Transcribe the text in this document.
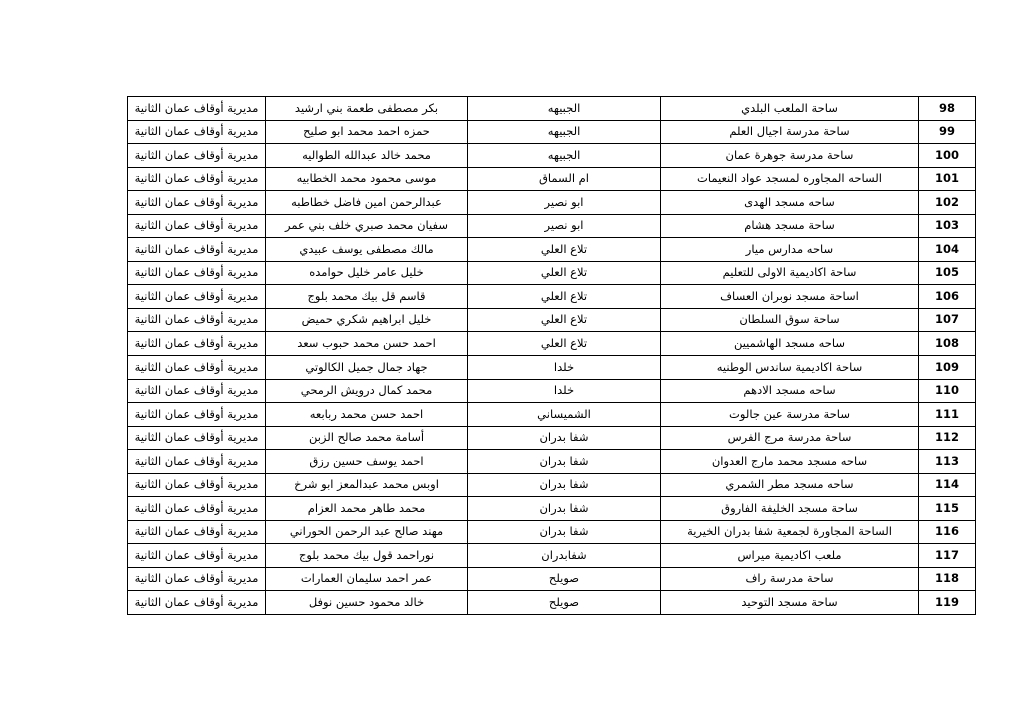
98	ساحة الملعب البلدي	الجبيهه	بكر مصطفى طعمة بني ارشيد	مديرية أوقاف عمان الثانية
99	ساحة مدرسة اجيال العلم	الجبيهه	حمزه احمد محمد ابو صليح	مديرية أوقاف عمان الثانية
100	ساحة مدرسة جوهرة عمان	الجبيهه	محمد خالد عبدالله الطواليه	مديرية أوقاف عمان الثانية
101	الساحه المجاوره لمسجد عواد النعيمات	ام السماق	موسى محمود محمد الخطابيه	مديرية أوقاف عمان الثانية
102	ساحه مسجد الهدى	ابو نصير	عبدالرحمن امين فاضل خطاطبه	مديرية أوقاف عمان الثانية
103	ساحة مسجد هشام	ابو نصير	سفيان محمد صبري خلف بني عمر	مديرية أوقاف عمان الثانية
104	ساحه مدارس ميار	تلاع العلي	مالك مصطفى يوسف عبيدي	مديرية أوقاف عمان الثانية
105	ساحة اكاديمية الاولى للتعليم	تلاع العلي	خليل عامر خليل حوامده	مديرية أوقاف عمان الثانية
106	اساحة مسجد نوبران العساف	تلاع العلي	قاسم قل بيك محمد بلوج	مديرية أوقاف عمان الثانية
107	ساحة سوق السلطان	تلاع العلي	خليل ابراهيم شكري حميض	مديرية أوقاف عمان الثانية
108	ساحه مسجد الهاشميين	تلاع العلي	احمد حسن محمد حبوب سعد	مديرية أوقاف عمان الثانية
109	ساحة اكاديمية ساندس الوطنيه	خلدا	جهاد جمال جميل الكالوتي	مديرية أوقاف عمان الثانية
110	ساحه مسجد الادهم	خلدا	محمد كمال درويش الرمحي	مديرية أوقاف عمان الثانية
111	ساحة مدرسة عين جالوت	الشميساني	احمد حسن محمد ربابعه	مديرية أوقاف عمان الثانية
112	ساحة مدرسة مرج الفرس	شفا بدران	أسامة محمد صالح الزبن	مديرية أوقاف عمان الثانية
113	ساحه مسجد محمد مارج العدوان	شفا بدران	احمد يوسف حسين رزق	مديرية أوقاف عمان الثانية
114	ساحه مسجد مطر الشمري	شفا بدران	اوبس محمد عبدالمعز ابو شرخ	مديرية أوقاف عمان الثانية
115	ساحة مسجد الخليفة الفاروق	شفا بدران	محمد طاهر محمد العزام	مديرية أوقاف عمان الثانية
116	الساحة المجاورة لجمعية شفا بدران الخيرية	شفا بدران	مهند صالح عبد الرحمن الحوراني	مديرية أوقاف عمان الثانية
117	ملعب اكاديمية ميراس	شفابدران	نوراحمد قول بيك محمد بلوج	مديرية أوقاف عمان الثانية
118	ساحة مدرسة راف	صويلح	عمر احمد سليمان العمارات	مديرية أوقاف عمان الثانية
119	ساحة مسجد التوحيد	صويلح	خالد محمود حسين نوفل	مديرية أوقاف عمان الثانية
